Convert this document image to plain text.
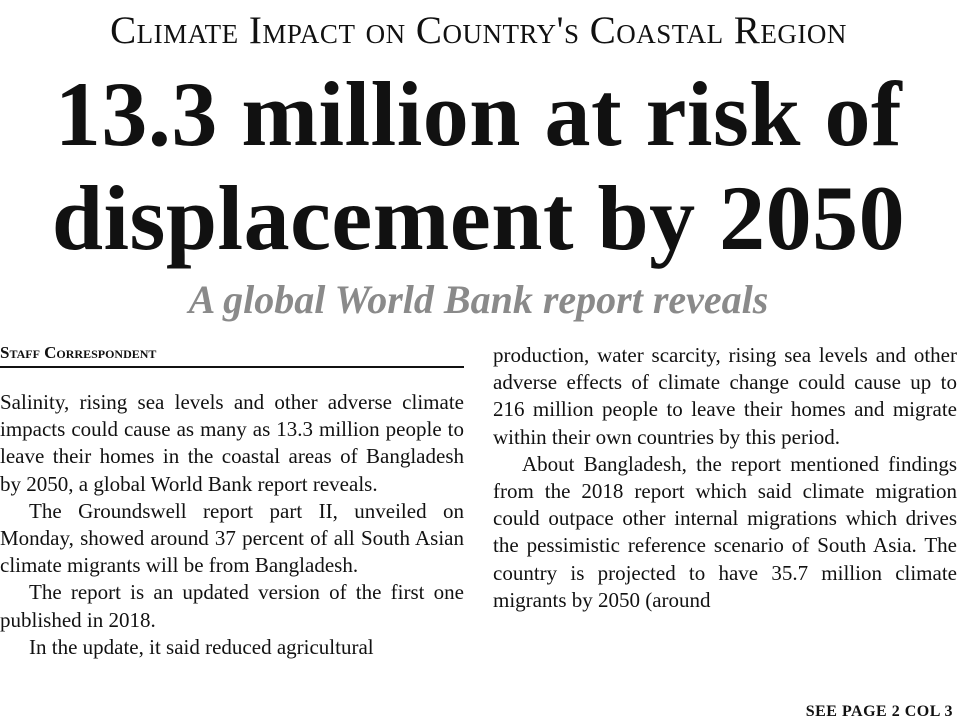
Climate Impact on Country's Coastal Region
13.3 million at risk of displacement by 2050
A global World Bank report reveals
Staff Correspondent

Salinity, rising sea levels and other adverse climate impacts could cause as many as 13.3 million people to leave their homes in the coastal areas of Bangladesh by 2050, a global World Bank report reveals.

The Groundswell report part II, unveiled on Monday, showed around 37 percent of all South Asian climate migrants will be from Bangladesh.

The report is an updated version of the first one published in 2018.

In the update, it said reduced agricultural

production, water scarcity, rising sea levels and other adverse effects of climate change could cause up to 216 million people to leave their homes and migrate within their own countries by this period.

About Bangladesh, the report mentioned findings from the 2018 report which said climate migration could outpace other internal migrations which drives the pessimistic reference scenario of South Asia. The country is projected to have 35.7 million climate migrants by 2050 (around

SEE PAGE 2 COL 3
